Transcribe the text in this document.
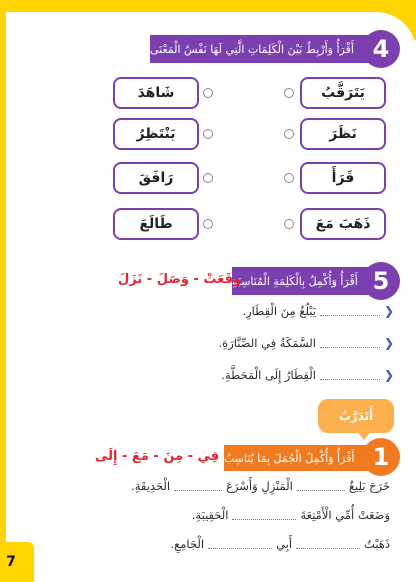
7
أَقْرَأُ وَأَرْبِطُ بَيْنَ الْكَلِمَاتِ الَّتِي لَهَا نَفْسُ الْمَعْنَى 4
يَتَرَقَّبُ
نَظَرَ
قَرَأَ
ذَهَبَ مَعَ
شَاهَدَ
يَنْتَظِرُ
رَافَقَ
طَالَعَ
أَقْرَأُ وَأُكْمِلُ بِالْكَلِمَةِ الْمُنَاسِبَةِ 5
وَقَعَتْ - وَصَلَ - نَزَلَ
❮
يَبْلُغُ مِنَ الْقِطَارِ.
❮
السَّمَكَةُ فِي الصِّنَّارَةِ.
❮
الْقِطَارُ إِلَى الْمَحَطَّةِ.
أَتَدَرَّبُ
أَقْرَأُ وَأُكْمِلُ الْجُمَلَ بِمَا يُنَاسِبُ 1
فِي - مِنَ - مَعَ - إِلَى
خَرَجَ بَلِيغٌ
الْمَنْزِلِ وَأَسْرَعَ
الْحَدِيقَةِ.
وَضَعَتْ أُمِّي الْأَمْتِعَةَ
الْحَقِيبَةِ.
ذَهَبْتُ
أَبِي
الْجَامِعِ.
